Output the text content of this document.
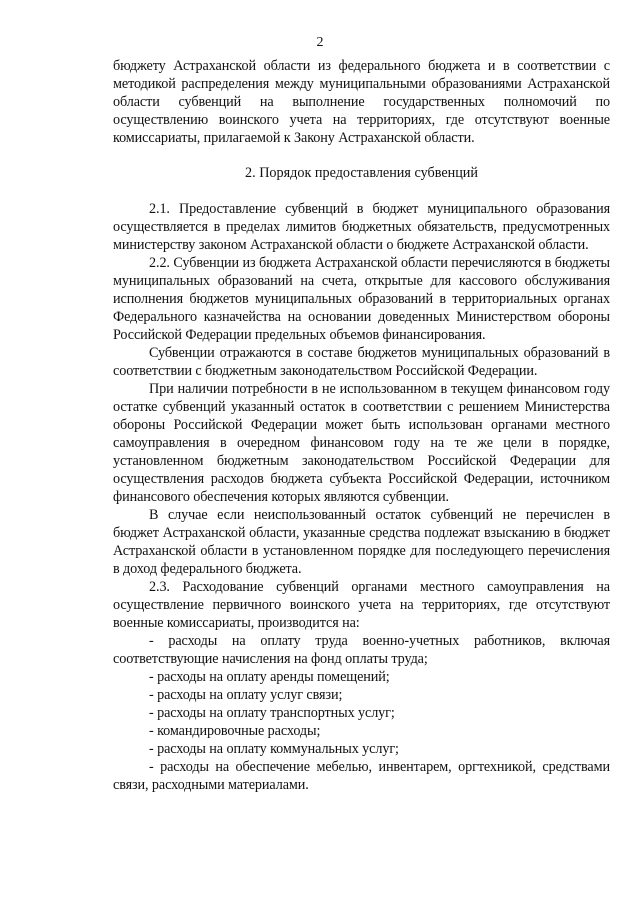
2

бюджету Астраханской области из федерального бюджета и в соответствии с методикой распределения между муниципальными образованиями Астраханской области субвенций на выполнение государственных полномочий по осуществлению воинского учета на территориях, где отсутствуют военные комиссариаты, прилагаемой к Закону Астраханской области.

2. Порядок предоставления субвенций

2.1. Предоставление субвенций в бюджет муниципального образования осуществляется в пределах лимитов бюджетных обязательств, предусмотренных министерству законом Астраханской области о бюджете Астраханской области.

2.2. Субвенции из бюджета Астраханской области перечисляются в бюджеты муниципальных образований на счета, открытые для кассового обслуживания исполнения бюджетов муниципальных образований в территориальных органах Федерального казначейства на основании доведенных Министерством обороны Российской Федерации предельных объемов финансирования.

Субвенции отражаются в составе бюджетов муниципальных образований в соответствии с бюджетным законодательством Российской Федерации.

При наличии потребности в не использованном в текущем финансовом году остатке субвенций указанный остаток в соответствии с решением Министерства обороны Российской Федерации может быть использован органами местного самоуправления в очередном финансовом году на те же цели в порядке, установленном бюджетным законодательством Российской Федерации для осуществления расходов бюджета субъекта Российской Федерации, источником финансового обеспечения которых являются субвенции.

В случае если неиспользованный остаток субвенций не перечислен в бюджет Астраханской области, указанные средства подлежат взысканию в бюджет Астраханской области в установленном порядке для последующего перечисления в доход федерального бюджета.

2.3. Расходование субвенций органами местного самоуправления на осуществление первичного воинского учета на территориях, где отсутствуют военные комиссариаты, производится на:

- расходы на оплату труда военно-учетных работников, включая соответствующие начисления на фонд оплаты труда;

- расходы на оплату аренды помещений;

- расходы на оплату услуг связи;

- расходы на оплату транспортных услуг;

- командировочные расходы;

- расходы на оплату коммунальных услуг;

- расходы на обеспечение мебелью, инвентарем, оргтехникой, средствами связи, расходными материалами.
